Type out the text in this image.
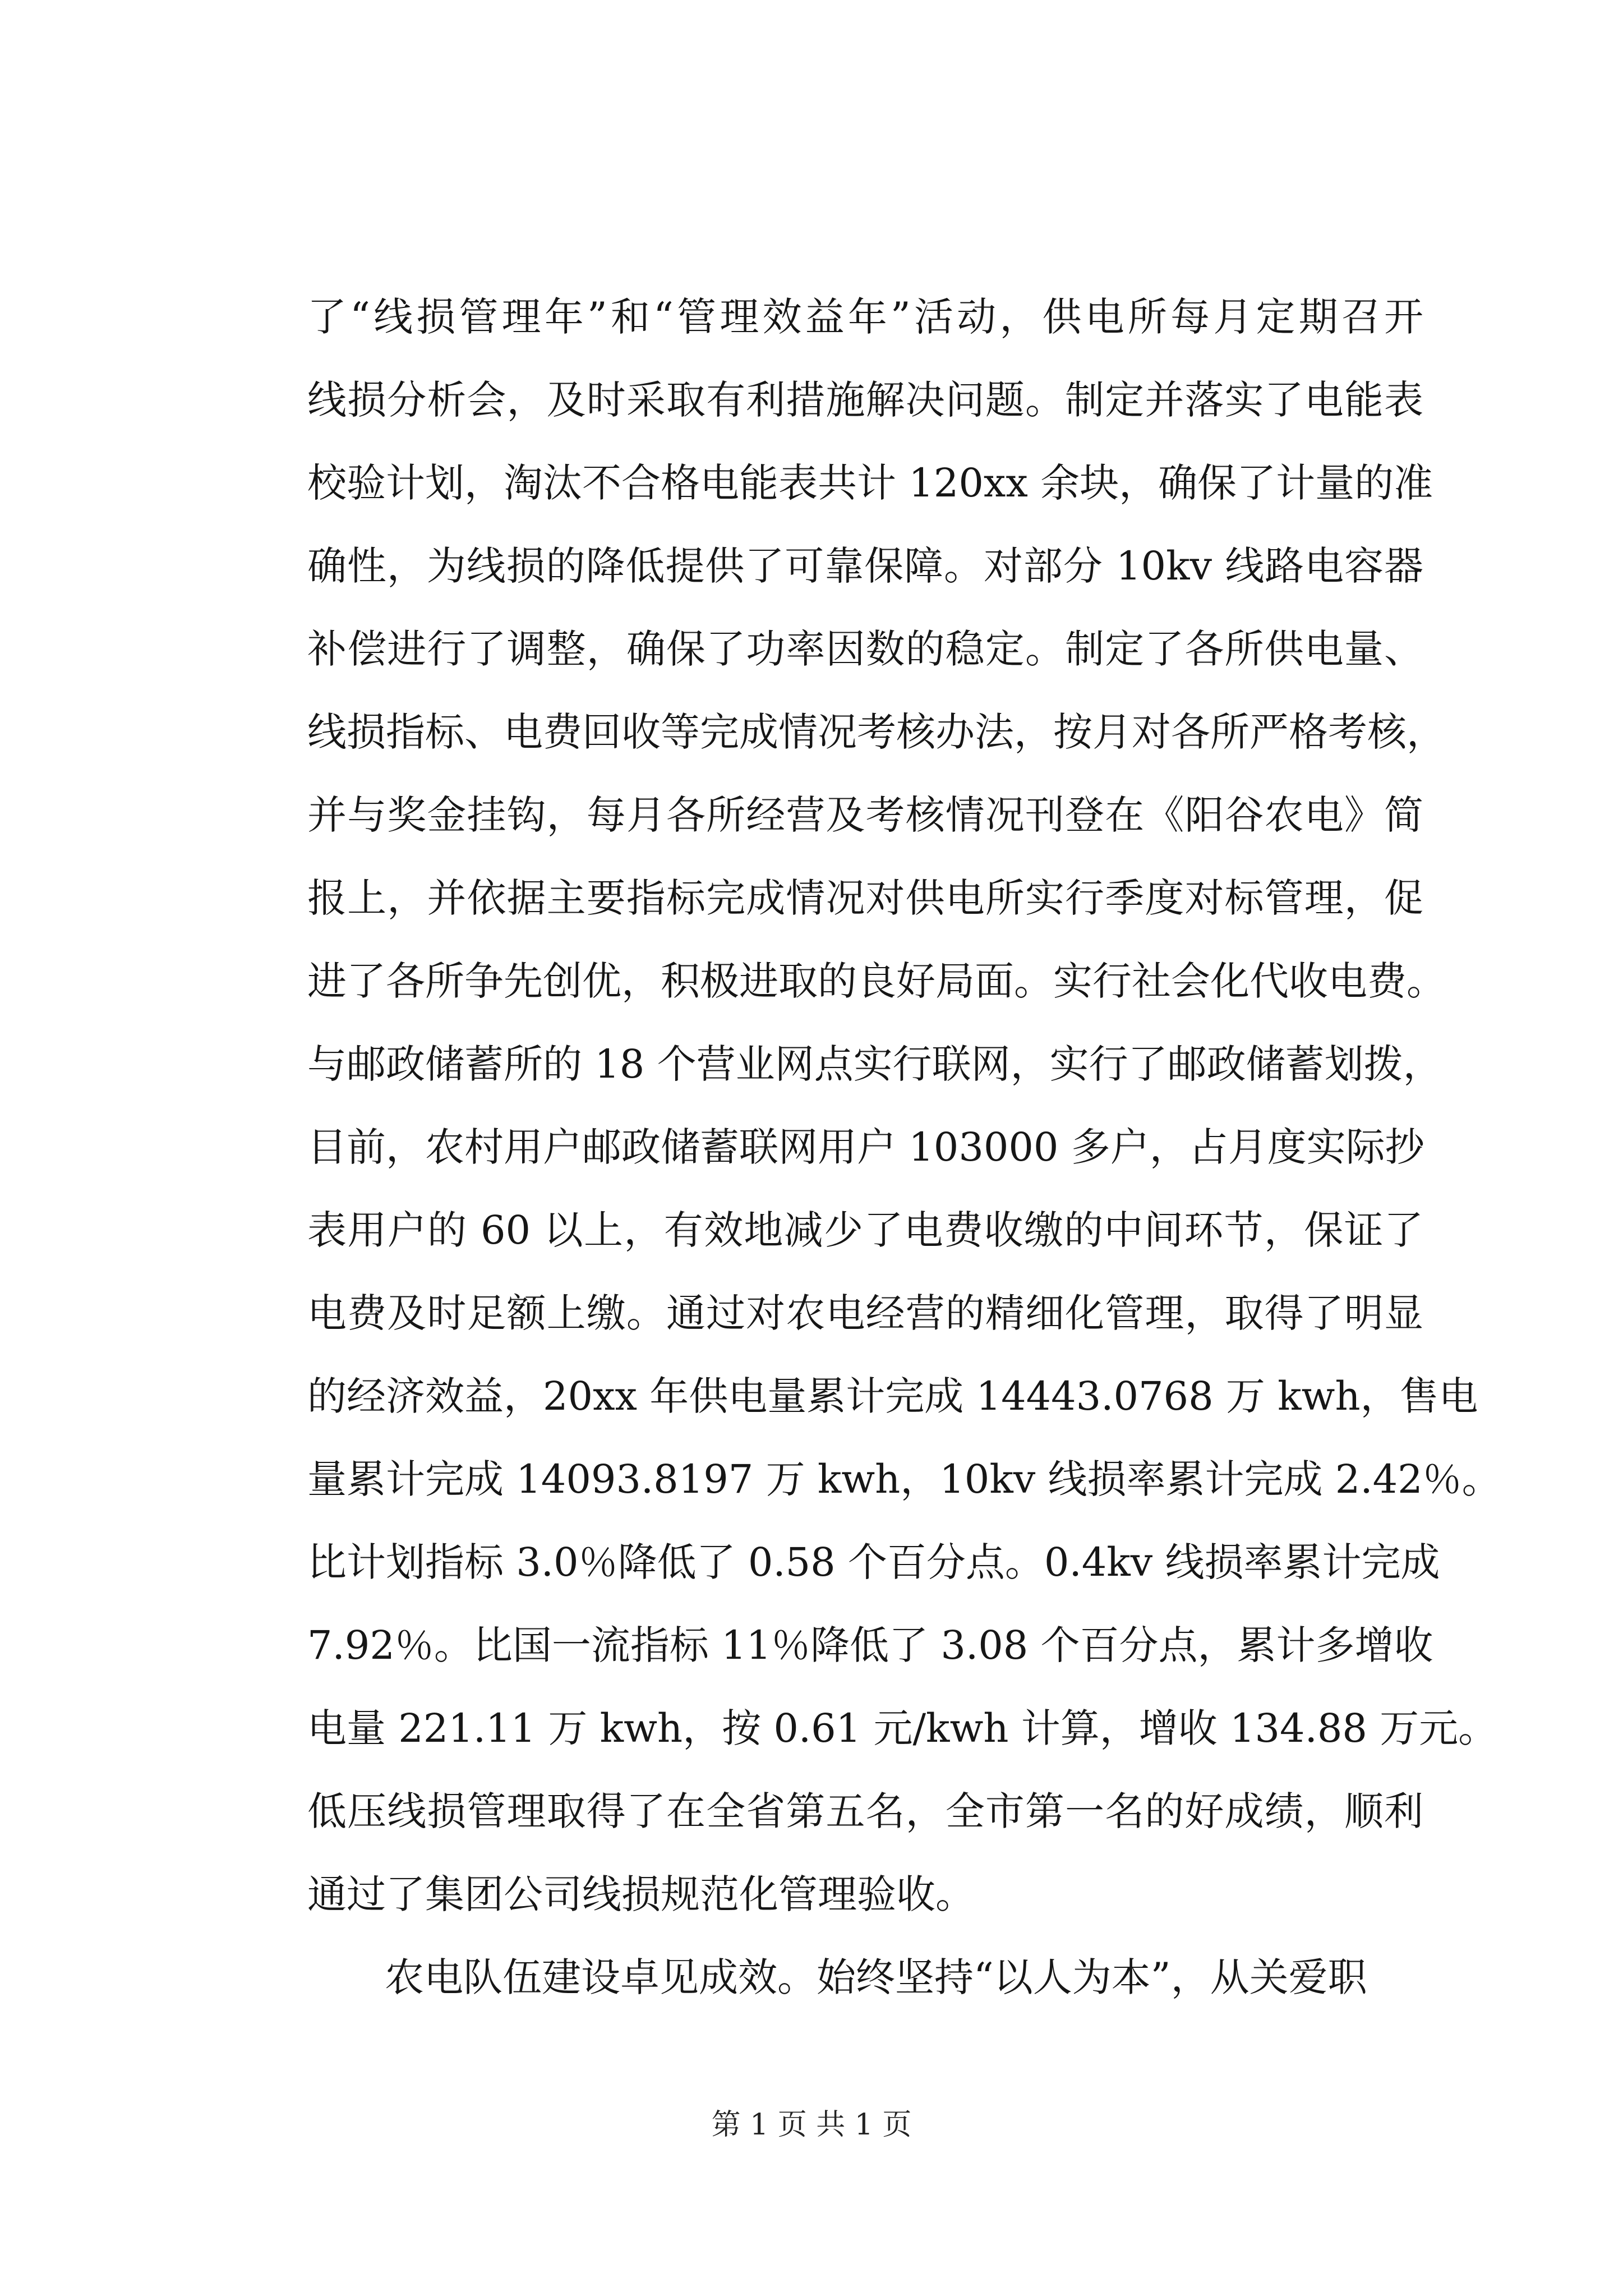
了“线损管理年”和“管理效益年”活动，供电所每月定期召开
线损分析会，及时采取有利措施解决问题。制定并落实了电能表
校验计划，淘汰不合格电能表共计 120xx 余块，确保了计量的准
确性，为线损的降低提供了可靠保障。对部分 10kv 线路电容器
补偿进行了调整，确保了功率因数的稳定。制定了各所供电量、
线损指标、电费回收等完成情况考核办法，按月对各所严格考核，
并与奖金挂钩，每月各所经营及考核情况刊登在《阳谷农电》简
报上，并依据主要指标完成情况对供电所实行季度对标管理，促
进了各所争先创优，积极进取的良好局面。实行社会化代收电费。
与邮政储蓄所的 18 个营业网点实行联网，实行了邮政储蓄划拨，
目前，农村用户邮政储蓄联网用户 103000 多户，占月度实际抄
表用户的 60 以上，有效地减少了电费收缴的中间环节，保证了
电费及时足额上缴。通过对农电经营的精细化管理，取得了明显
的经济效益，20xx 年供电量累计完成 14443.0768 万 kwh，售电
量累计完成 14093.8197 万 kwh，10kv 线损率累计完成 2.42％。
比计划指标 3.0％降低了 0.58 个百分点。0.4kv 线损率累计完成
7.92％。比国一流指标 11％降低了 3.08 个百分点，累计多增收
电量 221.11 万 kwh，按 0.61 元/kwh 计算，增收 134.88 万元。
低压线损管理取得了在全省第五名，全市第一名的好成绩，顺利
通过了集团公司线损规范化管理验收。
农电队伍建设卓见成效。始终坚持“以人为本”，从关爱职
第 1 页 共 1 页
